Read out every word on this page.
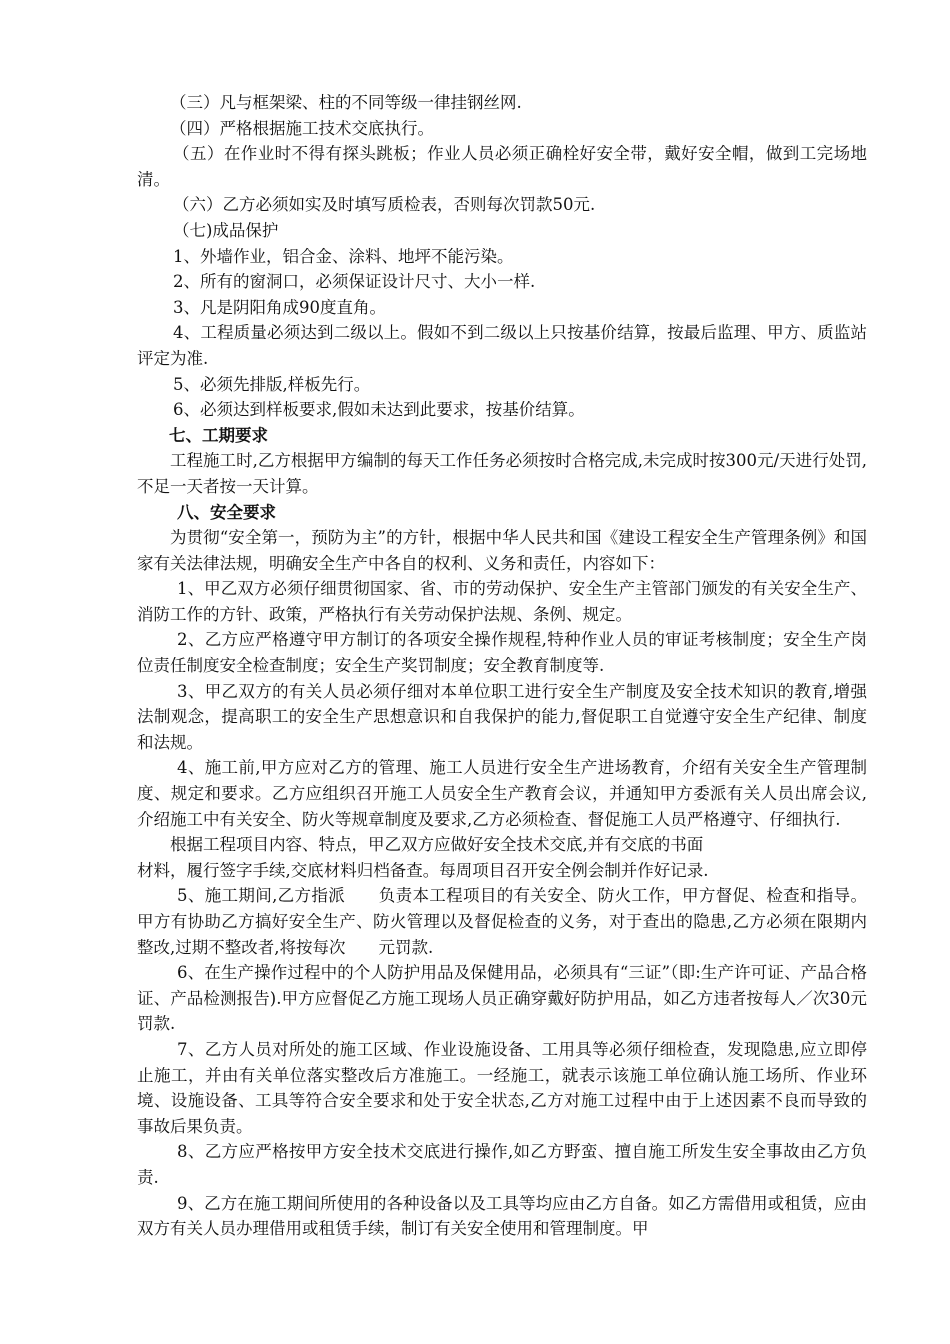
（三）凡与框架梁、柱的不同等级一律挂钢丝网.

（四）严格根据施工技术交底执行。

（五）在作业时不得有探头跳板；作业人员必须正确栓好安全带，戴好安全帽，做到工完场地清。

（六）乙方必须如实及时填写质检表，否则每次罚款50元.

（七)成品保护

1、外墙作业，铝合金、涂料、地坪不能污染。

2、所有的窗洞口，必须保证设计尺寸、大小一样.

3、凡是阴阳角成90度直角。

4、工程质量必须达到二级以上。假如不到二级以上只按基价结算，按最后监理、甲方、质监站评定为准.

5、必须先排版,样板先行。

6、必须达到样板要求,假如未达到此要求，按基价结算。

七、工期要求

工程施工时,乙方根据甲方编制的每天工作任务必须按时合格完成,未完成时按300元/天进行处罚,不足一天者按一天计算。

八、安全要求

为贯彻“安全第一，预防为主”的方针，根据中华人民共和国《建设工程安全生产管理条例》和国家有关法律法规，明确安全生产中各自的权利、义务和责任，内容如下：

1、甲乙双方必须仔细贯彻国家、省、市的劳动保护、安全生产主管部门颁发的有关安全生产、消防工作的方针、政策，严格执行有关劳动保护法规、条例、规定。

2、乙方应严格遵守甲方制订的各项安全操作规程,特种作业人员的审证考核制度；安全生产岗位责任制度安全检查制度；安全生产奖罚制度；安全教育制度等.

3、甲乙双方的有关人员必须仔细对本单位职工进行安全生产制度及安全技术知识的教育,增强法制观念，提高职工的安全生产思想意识和自我保护的能力,督促职工自觉遵守安全生产纪律、制度和法规。

4、施工前,甲方应对乙方的管理、施工人员进行安全生产进场教育，介绍有关安全生产管理制度、规定和要求。乙方应组织召开施工人员安全生产教育会议，并通知甲方委派有关人员出席会议,介绍施工中有关安全、防火等规章制度及要求,乙方必须检查、督促施工人员严格遵守、仔细执行.

根据工程项目内容、特点，甲乙双方应做好安全技术交底,并有交底的书面

材料，履行签字手续,交底材料归档备查。每周项目召开安全例会制并作好记录.

5、施工期间,乙方指派　　负责本工程项目的有关安全、防火工作，甲方督促、检查和指导。甲方有协助乙方搞好安全生产、防火管理以及督促检查的义务，对于查出的隐患,乙方必须在限期内整改,过期不整改者,将按每次　　元罚款.

6、在生产操作过程中的个人防护用品及保健用品，必须具有“三证”（即:生产许可证、产品合格证、产品检测报告).甲方应督促乙方施工现场人员正确穿戴好防护用品，如乙方违者按每人／次30元罚款.

7、乙方人员对所处的施工区域、作业设施设备、工用具等必须仔细检查，发现隐患,应立即停止施工，并由有关单位落实整改后方准施工。一经施工，就表示该施工单位确认施工场所、作业环境、设施设备、工具等符合安全要求和处于安全状态,乙方对施工过程中由于上述因素不良而导致的事故后果负责。

8、乙方应严格按甲方安全技术交底进行操作,如乙方野蛮、擅自施工所发生安全事故由乙方负责.

9、乙方在施工期间所使用的各种设备以及工具等均应由乙方自备。如乙方需借用或租赁，应由双方有关人员办理借用或租赁手续，制订有关安全使用和管理制度。甲
